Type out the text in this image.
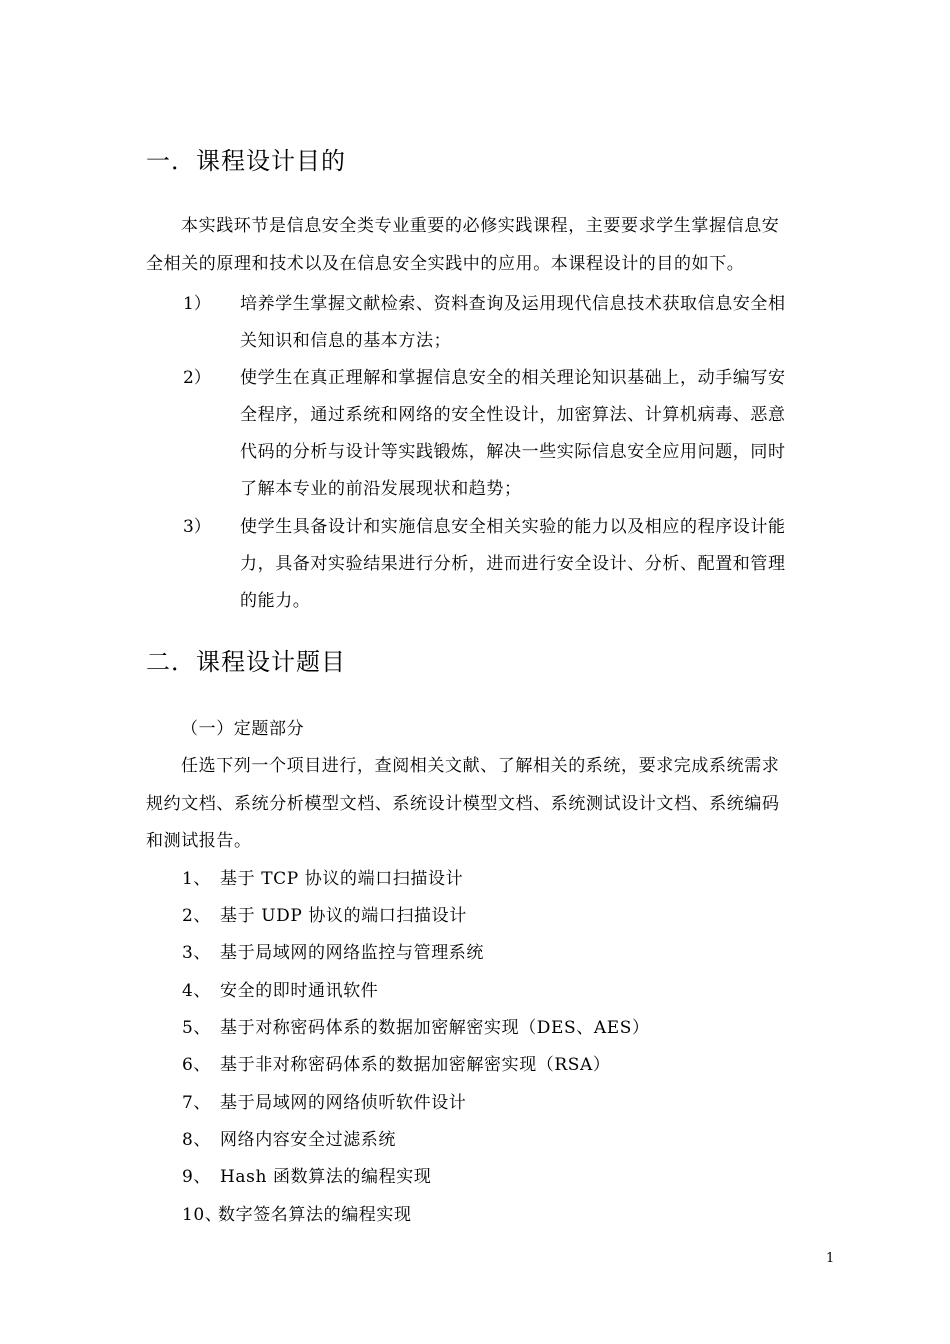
一．课程设计目的
本实践环节是信息安全类专业重要的必修实践课程，主要要求学生掌握信息安
全相关的原理和技术以及在信息安全实践中的应用。本课程设计的目的如下。
1） 培养学生掌握文献检索、资料查询及运用现代信息技术获取信息安全相
关知识和信息的基本方法；
2） 使学生在真正理解和掌握信息安全的相关理论知识基础上，动手编写安
全程序，通过系统和网络的安全性设计，加密算法、计算机病毒、恶意
代码的分析与设计等实践锻炼，解决一些实际信息安全应用问题，同时
了解本专业的前沿发展现状和趋势；
3） 使学生具备设计和实施信息安全相关实验的能力以及相应的程序设计能
力，具备对实验结果进行分析，进而进行安全设计、分析、配置和管理
的能力。
二．课程设计题目
（一）定题部分
任选下列一个项目进行，查阅相关文献、了解相关的系统，要求完成系统需求
规约文档、系统分析模型文档、系统设计模型文档、系统测试设计文档、系统编码
和测试报告。
1、 基于 TCP 协议的端口扫描设计
2、 基于 UDP 协议的端口扫描设计
3、 基于局域网的网络监控与管理系统
4、 安全的即时通讯软件
5、 基于对称密码体系的数据加密解密实现（DES、AES）
6、 基于非对称密码体系的数据加密解密实现（RSA）
7、 基于局域网的网络侦听软件设计
8、 网络内容安全过滤系统
9、 Hash 函数算法的编程实现
10、
数字签名算法的编程实现
1
